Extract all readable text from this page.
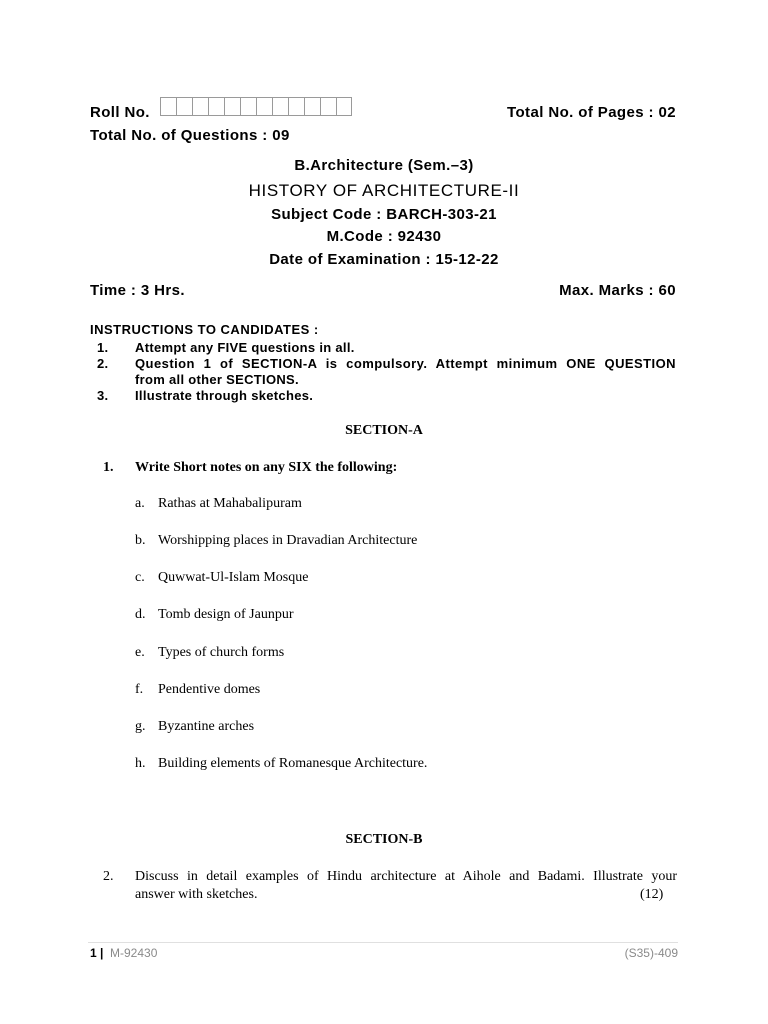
Roll No.	Total No. of Pages : 02
Total No. of Questions : 09
B.Architecture (Sem.–3)
HISTORY OF ARCHITECTURE-II
Subject Code : BARCH-303-21
M.Code : 92430
Date of Examination : 15-12-22
Time : 3 Hrs.	Max. Marks : 60
INSTRUCTIONS TO CANDIDATES :
1. Attempt any FIVE questions in all.
2. Question 1 of SECTION-A is compulsory. Attempt minimum ONE QUESTION
from all other SECTIONS.
3. Illustrate through sketches.
SECTION-A
1. Write Short notes on any SIX the following:
a. Rathas at Mahabalipuram
b. Worshipping places in Dravadian Architecture
c. Quwwat-Ul-Islam Mosque
d. Tomb design of Jaunpur
e. Types of church forms
f. Pendentive domes
g. Byzantine arches
h. Building elements of Romanesque Architecture.
SECTION-B
2. Discuss in detail examples of Hindu architecture at Aihole and Badami. Illustrate your
answer with sketches.	(12)
1 | M-92430	(S35)-409
